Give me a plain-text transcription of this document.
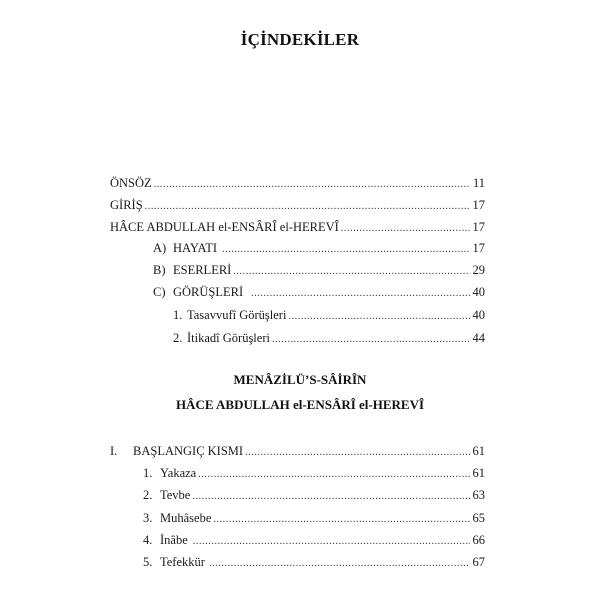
İÇİNDEKİLER
ÖNSÖZ .....	11
GİRİŞ .....	17
HÂCE ABDULLAH el-ENSÂRÎ el-HEREVÎ .....	17
A) HAYATI .....	17
B) ESERLERİ .....	29
C) GÖRÜŞLERİ .....	40
1. Tasavvufî Görüşleri .....	40
2. İtikadî Görüşleri .....	44
MENÂZİLÜ’S-SÂİRÎN
HÂCE ABDULLAH el-ENSÂRÎ el-HEREVÎ
I.	BAŞLANGIÇ KISMI .....	61
1. Yakaza .....	61
2. Tevbe .....	63
3. Muhâsebe .....	65
4. İnâbe .....	66
5. Tefekkür .....	67
